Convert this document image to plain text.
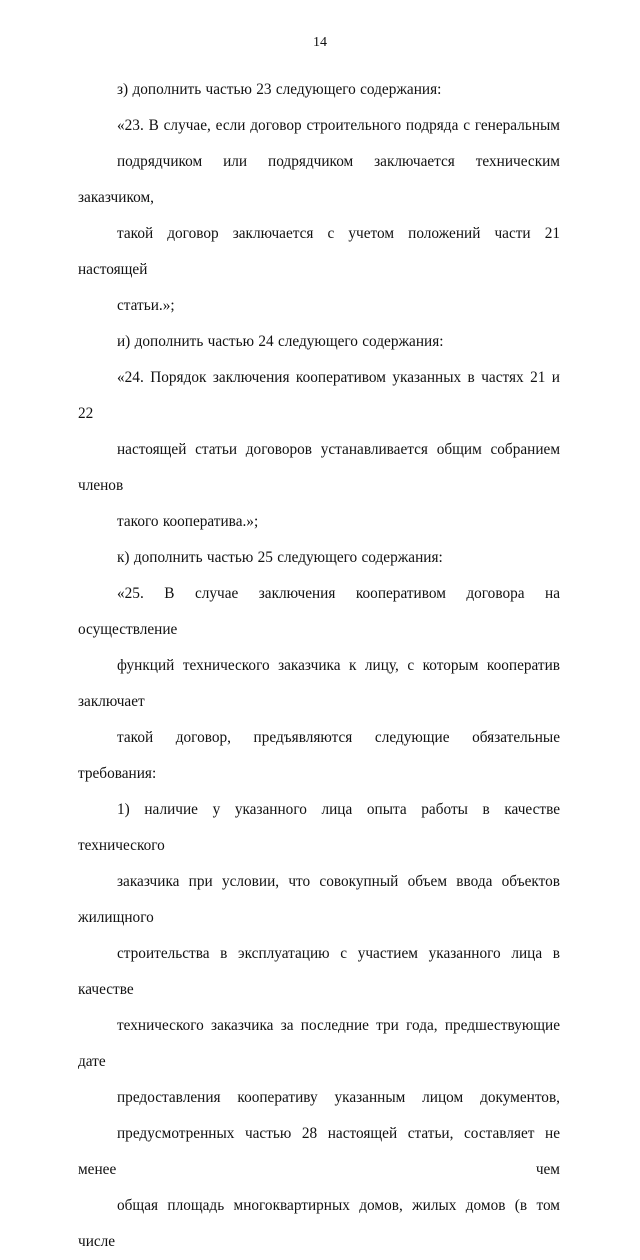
14

з) дополнить частью 23 следующего содержания:

«23. В случае, если договор строительного подряда с генеральным
подрядчиком или подрядчиком заключается техническим заказчиком,
такой договор заключается с учетом положений части 21 настоящей
статьи.»;

и) дополнить частью 24 следующего содержания:

«24. Порядок заключения кооперативом указанных в частях 21 и 22
настоящей статьи договоров устанавливается общим собранием членов
такого кооператива.»;

к) дополнить частью 25 следующего содержания:

«25. В случае заключения кооперативом договора на осуществление
функций технического заказчика к лицу, с которым кооператив заключает
такой договор, предъявляются следующие обязательные требования:

1) наличие у указанного лица опыта работы в качестве технического
заказчика при условии, что совокупный объем ввода объектов жилищного
строительства в эксплуатацию с участием указанного лица в качестве
технического заказчика за последние три года, предшествующие дате
предоставления кооперативу указанным лицом документов,
предусмотренных частью 28 настоящей статьи, составляет не менее чем
общая площадь многоквартирных домов, жилых домов (в том числе
